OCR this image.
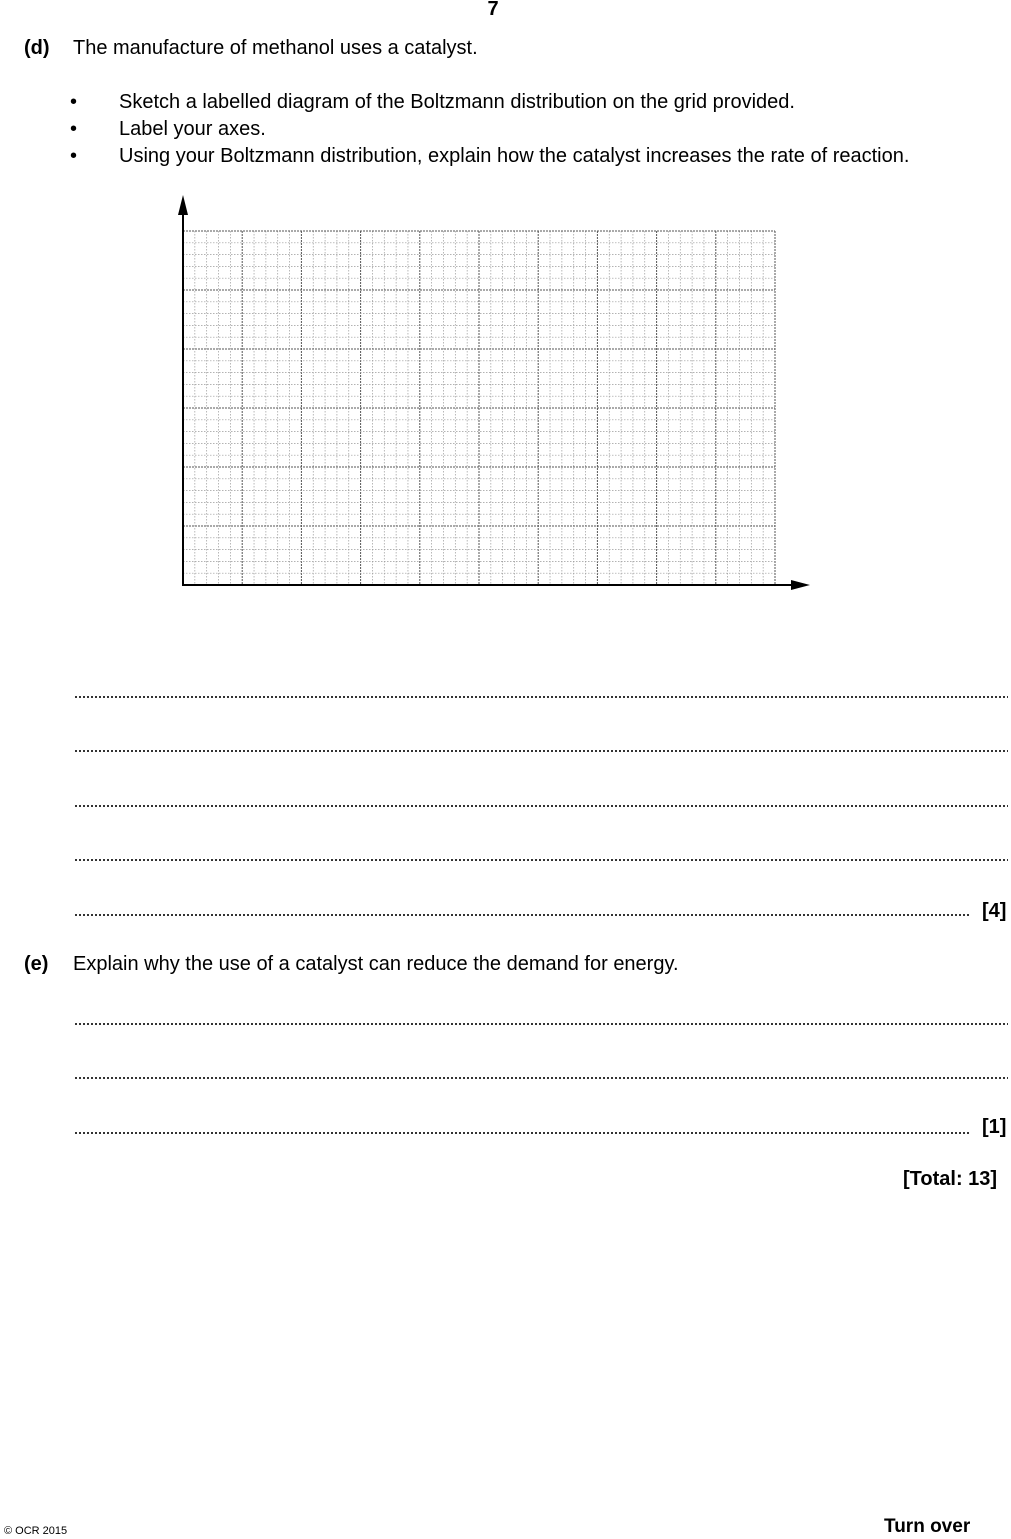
7
(d) The manufacture of methanol uses a catalyst.
• Sketch a labelled diagram of the Boltzmann distribution on the grid provided.
• Label your axes.
• Using your Boltzmann distribution, explain how the catalyst increases the rate of reaction.
[4]
(e) Explain why the use of a catalyst can reduce the demand for energy.
[1]
[Total: 13]
© OCR 2015	Turn over
